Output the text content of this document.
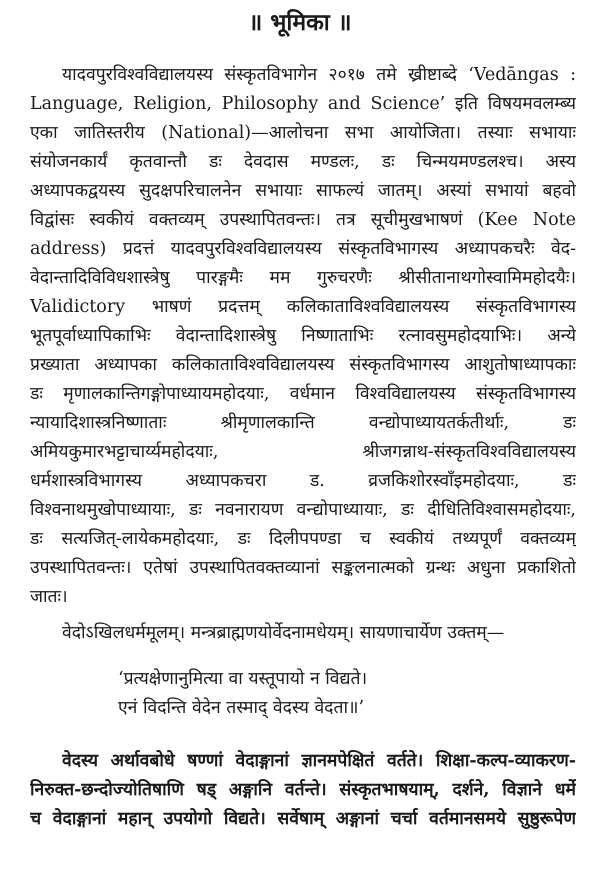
॥ भूमिका ॥
यादवपुरविश्वविद्यालयस्य संस्कृतविभागेन २०१७ तमे ख्रीष्टाब्दे ‘Vedāngas :
Language, Religion, Philosophy and Science’ इति विषयमवलम्ब्य
एका जातिस्तरीय (National)—आलोचना सभा आयोजिता। तस्याः सभायाः
संयोजनकार्यं कृतवान्तौ डः देवदास मण्डलः, डः चिन्मयमण्डलश्च। अस्य
अध्यापकद्वयस्य सुदक्षपरिचालनेन सभायाः साफल्यं जातम्। अस्यां सभायां बहवो
विद्वांसः स्वकीयं वक्तव्यम् उपस्थापितवन्तः। तत्र सूचीमुखभाषणं (Kee Note
address) प्रदत्तं यादवपुरविश्वविद्यालयस्य संस्कृतविभागस्य अध्यापकचरैः वेद-
वेदान्तादिविविधशास्त्रेषु पारङ्गमैः मम गुरुचरणैः श्रीसीतानाथगोस्वामिमहोदयैः।
Validictory भाषणं प्रदत्तम् कलिकाताविश्वविद्यालयस्य संस्कृतविभागस्य
भूतपूर्वाध्यापिकाभिः वेदान्तादिशास्त्रेषु निष्णाताभिः रत्नावसुमहोदयाभिः। अन्ये
प्रख्याता अध्यापका कलिकाताविश्वविद्यालयस्य संस्कृतविभागस्य आशुतोषाध्यापकाः
डः मृणालकान्तिगङ्गोपाध्यायमहोदयाः, वर्धमान विश्वविद्यालयस्य संस्कृतविभागस्य
न्यायादिशास्त्रनिष्णाताः श्रीमृणालकान्ति वन्द्योपाध्यायतर्कतीर्थाः, डः
अमियकुमारभट्टाचार्य्यमहोदयाः, श्रीजगन्नाथ-संस्कृतविश्वविद्यालयस्य
धर्मशास्त्रविभागस्य अध्यापकचरा ड. व्रजकिशोरस्वाँइमहोदयाः, डः
विश्वनाथमुखोपाध्यायाः, डः नवनारायण वन्द्योपाध्यायाः, डः दीधितिविश्वासमहोदयाः,
डः सत्यजित्-लायेकमहोदयाः, डः दिलीपपण्डा च स्वकीयं तथ्यपूर्णं वक्तव्यम्
उपस्थापितवन्तः। एतेषां उपस्थापितवक्तव्यानां सङ्कलनात्मको ग्रन्थः अधुना प्रकाशितो
जातः।
वेदोऽखिलधर्ममूलम्। मन्त्रब्राह्मणयोर्वेदनामधेयम्। सायणाचार्येण उक्तम्—
‘प्रत्यक्षेणानुमित्या वा यस्तूपायो न विद्यते।
एनं विदन्ति वेदेन तस्माद् वेदस्य वेदता॥’
वेदस्य अर्थावबोधे षण्णां वेदाङ्गानां ज्ञानमपेक्षितं वर्तते। शिक्षा-कल्प-व्याकरण-
निरुक्त-छन्दोज्योतिषाणि षड् अङ्गानि वर्तन्ते। संस्कृतभाषयाम्, दर्शने, विज्ञाने धर्मे
च वेदाङ्गानां महान् उपयोगो विद्यते। सर्वेषाम् अङ्गानां चर्चा वर्तमानसमये सुष्ठुरूपेण
